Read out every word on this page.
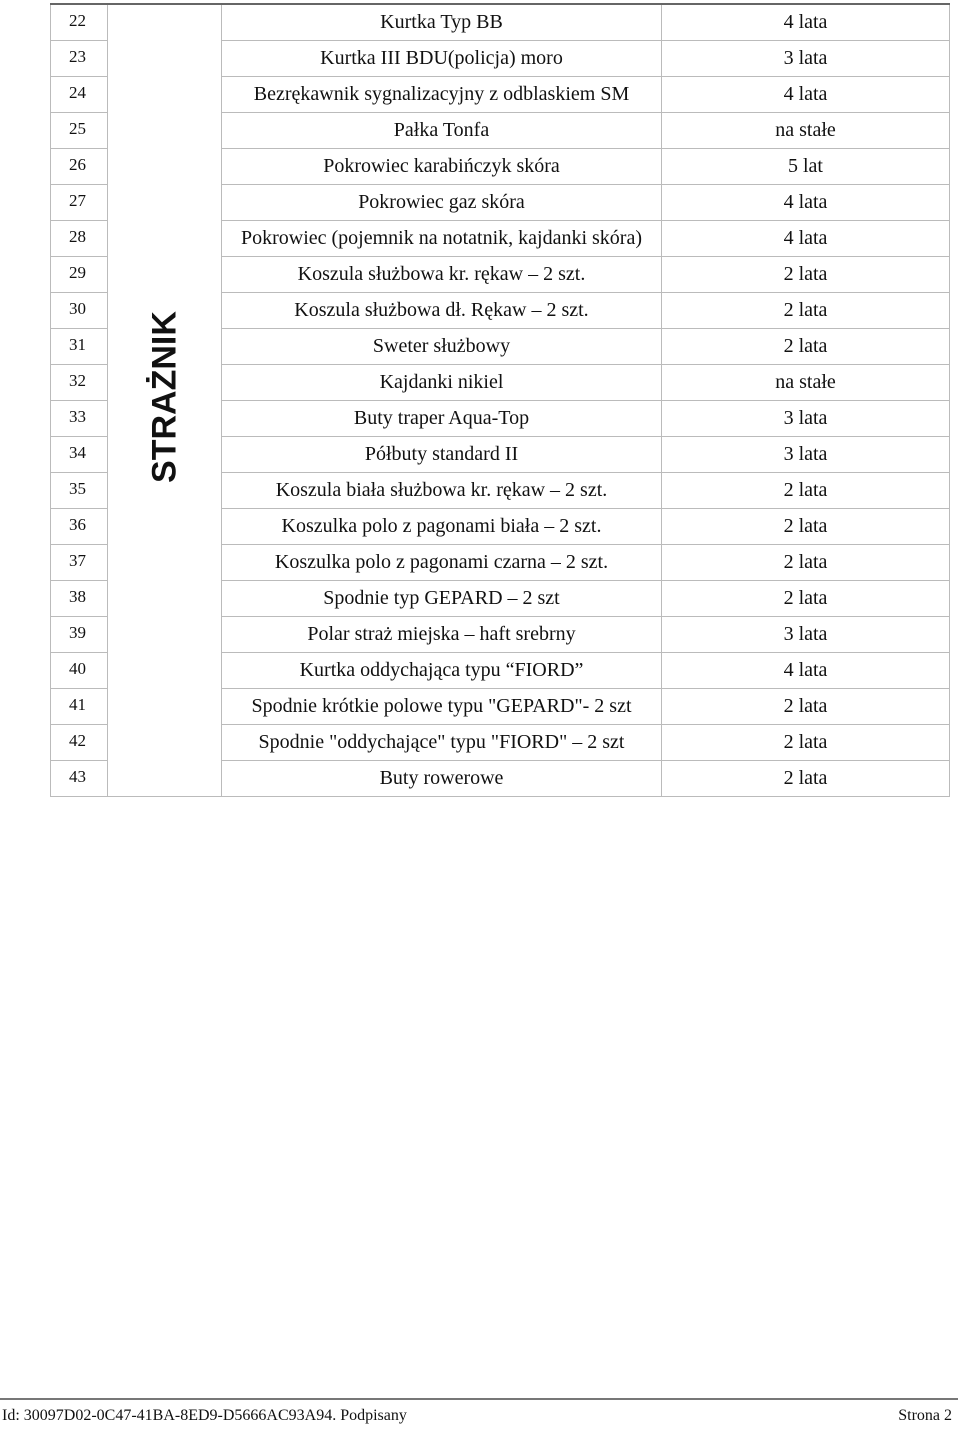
22	STRAŻNIK	Kurtka Typ BB	4 lata
23		Kurtka III BDU(policja) moro	3 lata
24		Bezrękawnik sygnalizacyjny z odblaskiem SM	4 lata
25		Pałka Tonfa	na stałe
26		Pokrowiec karabińczyk skóra	5 lat
27		Pokrowiec gaz skóra	4 lata
28		Pokrowiec (pojemnik na notatnik, kajdanki skóra)	4 lata
29		Koszula służbowa kr. rękaw – 2 szt.	2 lata
30		Koszula służbowa dł. Rękaw – 2 szt.	2 lata
31		Sweter służbowy	2 lata
32		Kajdanki nikiel	na stałe
33		Buty traper Aqua-Top	3 lata
34		Półbuty standard II	3 lata
35		Koszula biała służbowa kr. rękaw – 2 szt.	2 lata
36		Koszulka polo z pagonami biała – 2 szt.	2 lata
37		Koszulka polo z pagonami czarna – 2 szt.	2 lata
38		Spodnie typ GEPARD – 2 szt	2 lata
39		Polar straż miejska – haft srebrny	3 lata
40		Kurtka oddychająca typu “FIORD”	4 lata
41		Spodnie krótkie polowe typu "GEPARD"- 2 szt	2 lata
42		Spodnie "oddychające" typu "FIORD" – 2 szt	2 lata
43		Buty rowerowe	2 lata
Id: 30097D02-0C47-41BA-8ED9-D5666AC93A94. Podpisany	Strona 2
